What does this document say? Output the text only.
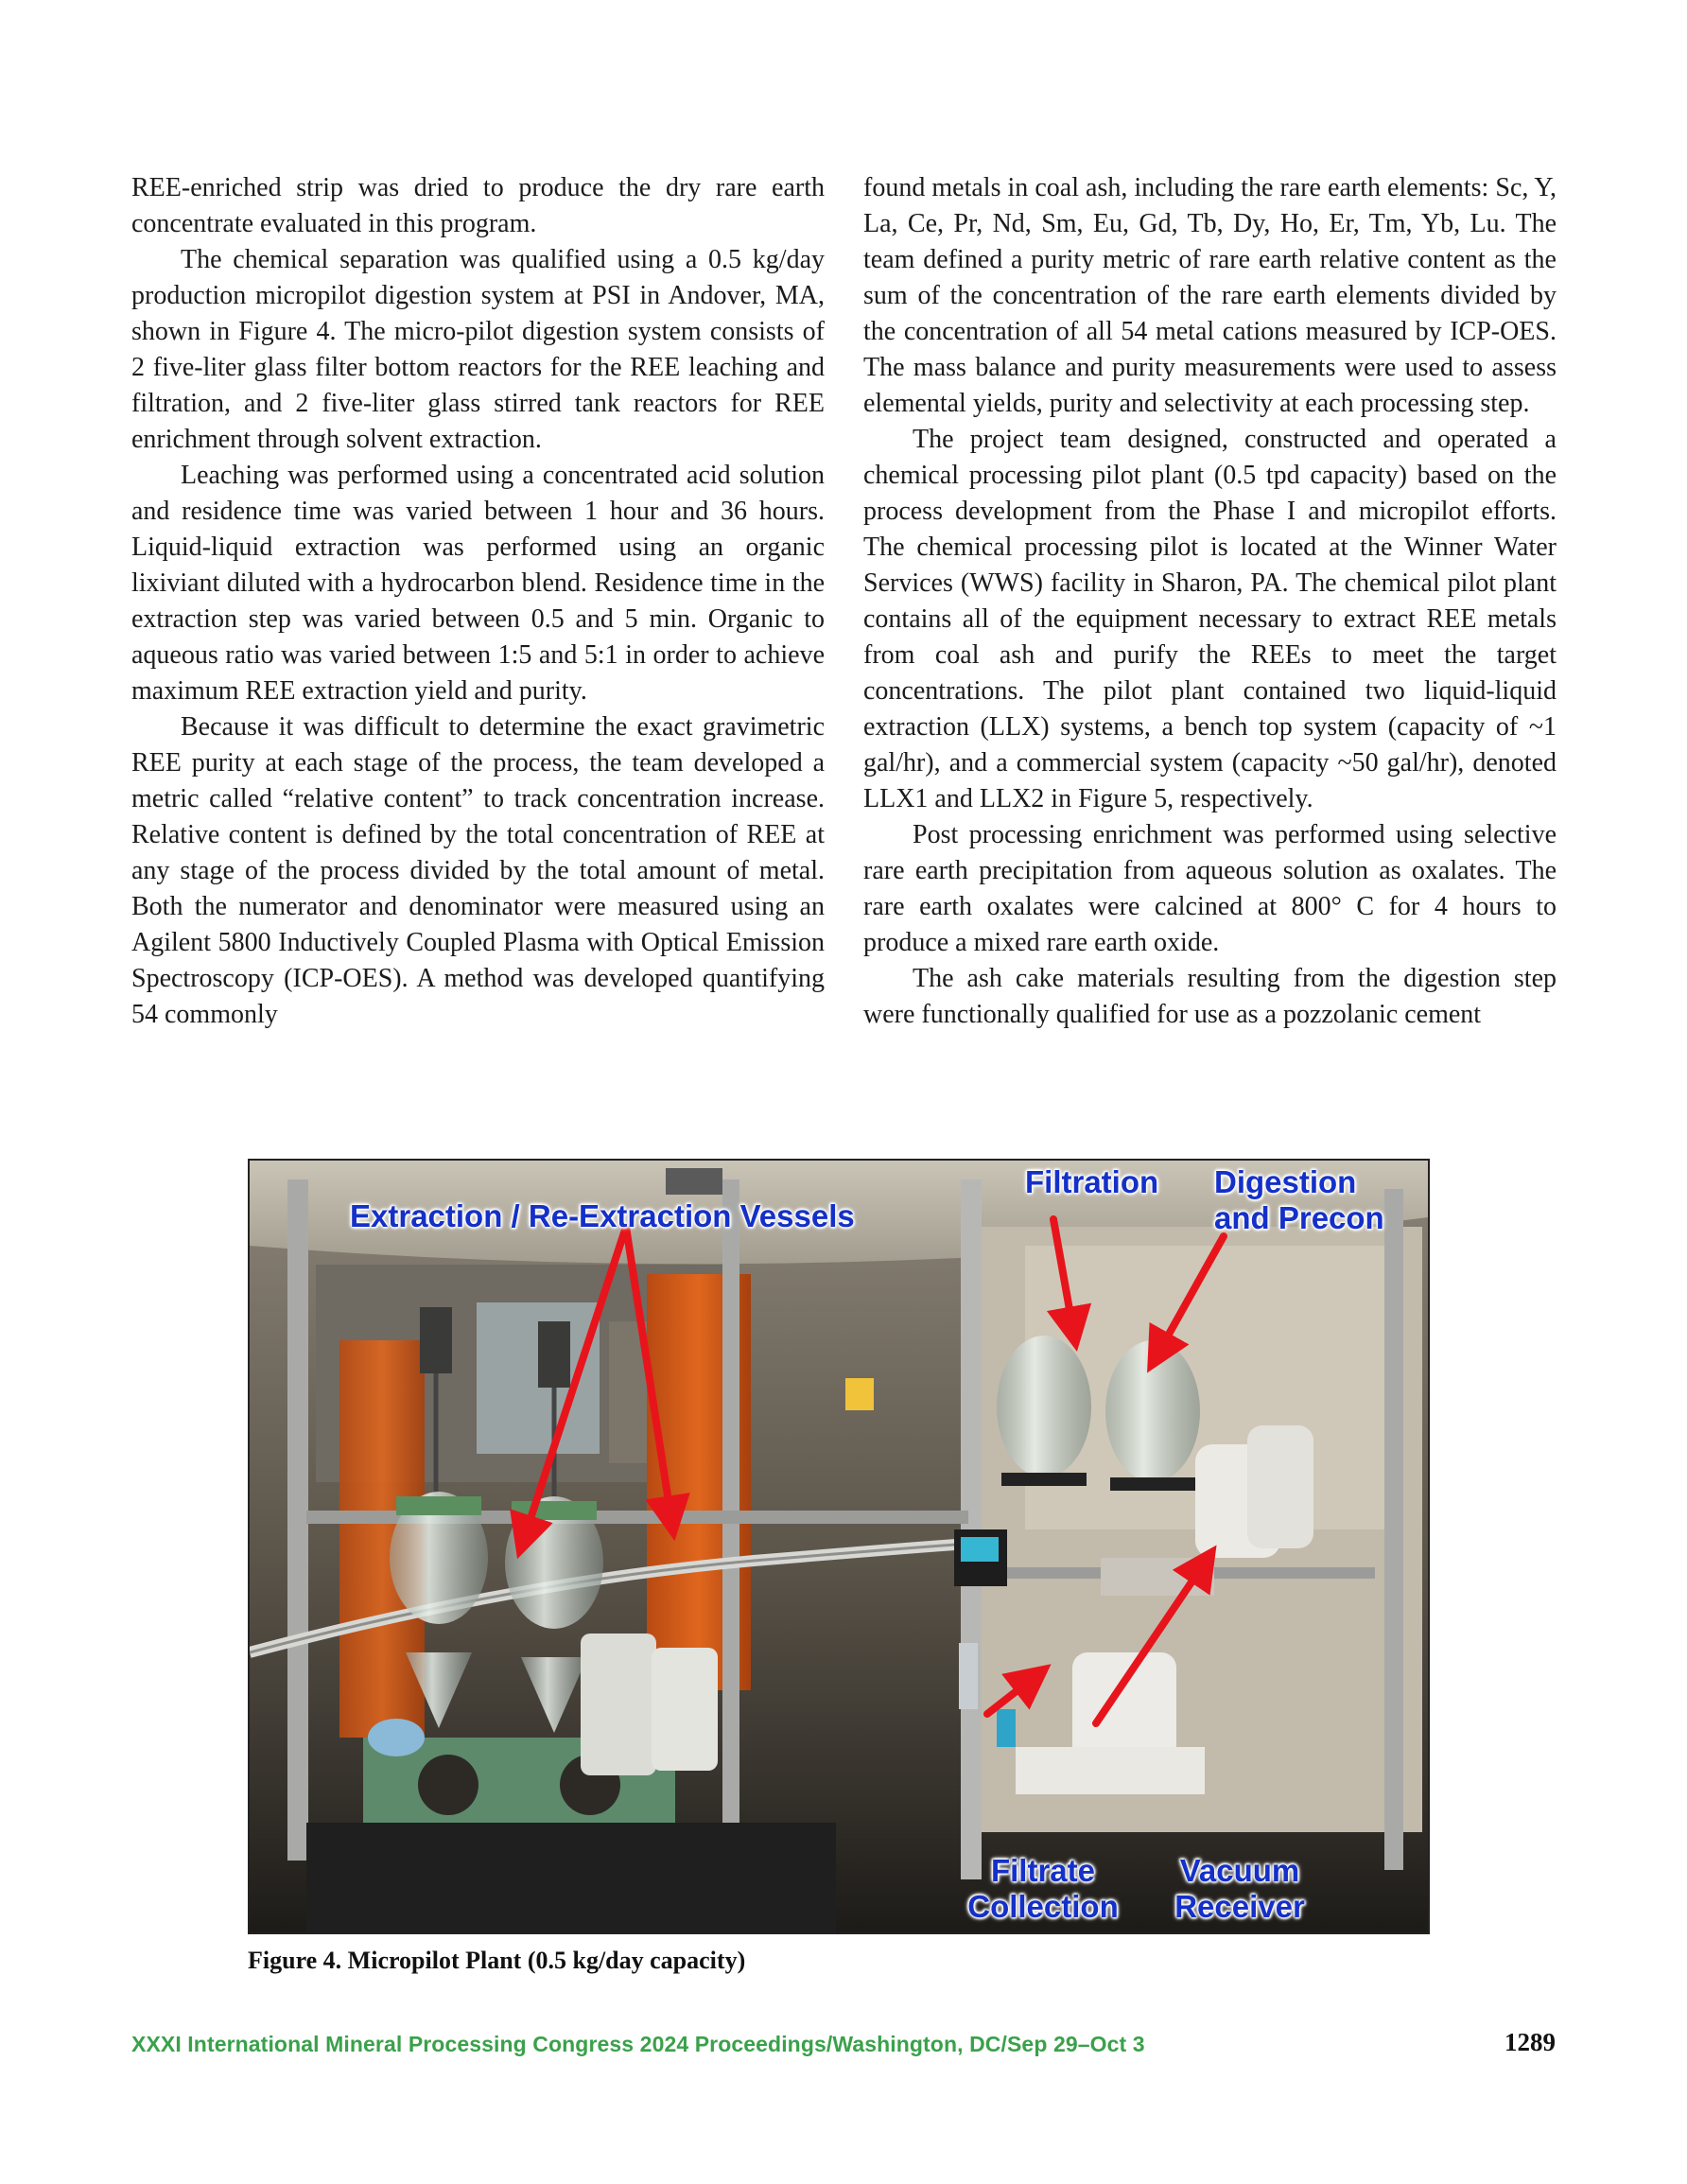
REE-enriched strip was dried to produce the dry rare earth concentrate evaluated in this program.

The chemical separation was qualified using a 0.5 kg/day production micropilot digestion system at PSI in Andover, MA, shown in Figure 4. The micro-pilot digestion system consists of 2 five-liter glass filter bottom reactors for the REE leaching and filtration, and 2 five-liter glass stirred tank reactors for REE enrichment through solvent extraction.

Leaching was performed using a concentrated acid solution and residence time was varied between 1 hour and 36 hours. Liquid-liquid extraction was performed using an organic lixiviant diluted with a hydrocarbon blend. Residence time in the extraction step was varied between 0.5 and 5 min. Organic to aqueous ratio was varied between 1:5 and 5:1 in order to achieve maximum REE extraction yield and purity.

Because it was difficult to determine the exact gravimetric REE purity at each stage of the process, the team developed a metric called “relative content” to track concentration increase. Relative content is defined by the total concentration of REE at any stage of the process divided by the total amount of metal. Both the numerator and denominator were measured using an Agilent 5800 Inductively Coupled Plasma with Optical Emission Spectroscopy (ICP-OES). A method was developed quantifying 54 commonly

found metals in coal ash, including the rare earth elements: Sc, Y, La, Ce, Pr, Nd, Sm, Eu, Gd, Tb, Dy, Ho, Er, Tm, Yb, Lu. The team defined a purity metric of rare earth relative content as the sum of the concentration of the rare earth elements divided by the concentration of all 54 metal cations measured by ICP-OES. The mass balance and purity measurements were used to assess elemental yields, purity and selectivity at each processing step.

The project team designed, constructed and operated a chemical processing pilot plant (0.5 tpd capacity) based on the process development from the Phase I and micropilot efforts. The chemical processing pilot is located at the Winner Water Services (WWS) facility in Sharon, PA. The chemical pilot plant contains all of the equipment necessary to extract REE metals from coal ash and purify the REEs to meet the target concentrations. The pilot plant contained two liquid-liquid extraction (LLX) systems, a bench top system (capacity of ~1 gal/hr), and a commercial system (capacity ~50 gal/hr), denoted LLX1 and LLX2 in Figure 5, respectively.

Post processing enrichment was performed using selective rare earth precipitation from aqueous solution as oxalates. The rare earth oxalates were calcined at 800° C for 4 hours to produce a mixed rare earth oxide.

The ash cake materials resulting from the digestion step were functionally qualified for use as a pozzolanic cement

Extraction / Re-Extraction Vessels
Filtration Digestion
and Precon
Filtrate
Collection
Vacuum
Receiver
Figure 4. Micropilot Plant (0.5 kg/day capacity)
XXXI International Mineral Processing Congress 2024 Proceedings/Washington, DC/Sep 29–Oct 3	1289
